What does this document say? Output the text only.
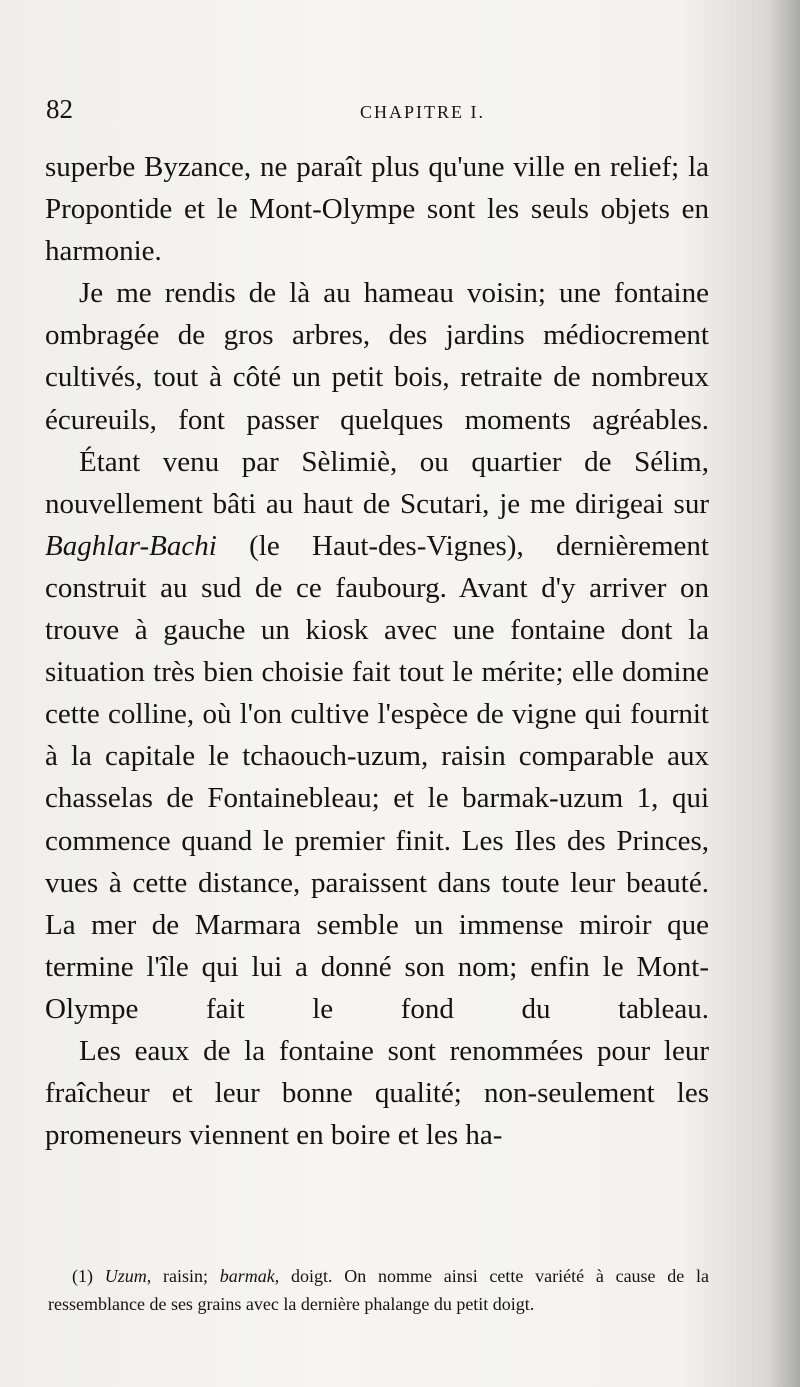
82	CHAPITRE I.

superbe Byzance, ne paraît plus qu'une ville en relief; la Propontide et le Mont-Olympe sont les seuls objets en harmonie.

Je me rendis de là au hameau voisin; une fontaine ombragée de gros arbres, des jardins médiocrement cultivés, tout à côté un petit bois, retraite de nombreux écureuils, font passer quelques moments agréables.

Étant venu par Sèlimiè, ou quartier de Sélim, nouvellement bâti au haut de Scutari, je me dirigeai sur Baghlar-Bachi (le Haut-des-Vignes), dernièrement construit au sud de ce faubourg. Avant d'y arriver on trouve à gauche un kiosk avec une fontaine dont la situation très bien choisie fait tout le mérite; elle domine cette colline, où l'on cultive l'espèce de vigne qui fournit à la capitale le tchaouch-uzum, raisin comparable aux chasselas de Fontainebleau; et le barmak-uzum 1, qui commence quand le premier finit. Les Iles des Princes, vues à cette distance, paraissent dans toute leur beauté. La mer de Marmara semble un immense miroir que termine l'île qui lui a donné son nom; enfin le Mont-Olympe fait le fond du tableau.

Les eaux de la fontaine sont renommées pour leur fraîcheur et leur bonne qualité; non-seulement les promeneurs viennent en boire et les ha-

(1) Uzum, raisin; barmak, doigt. On nomme ainsi cette variété à cause de la ressemblance de ses grains avec la dernière phalange du petit doigt.
